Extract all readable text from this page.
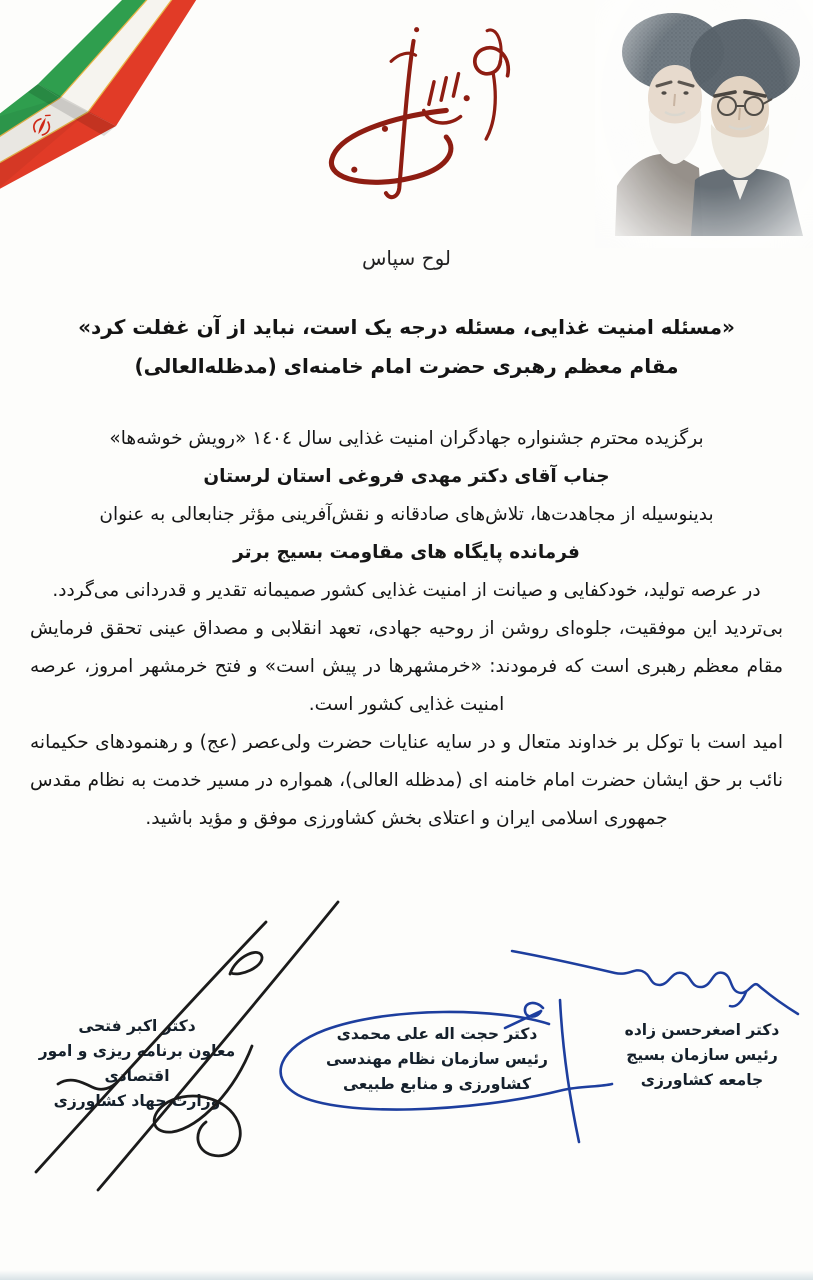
لوح سپاس
«مسئله امنیت غذایی، مسئله درجه یک است، نباید از آن غفلت کرد»
مقام معظم رهبری حضرت امام خامنه‌ای (مدظله‌العالی)
برگزیده محترم جشنواره جهادگران امنیت غذایی سال ١٤٠٤ «رویش خوشه‌ها»
جناب آقای دکتر مهدی فروغی استان لرستان
بدینوسیله از مجاهدت‌ها، تلاش‌های صادقانه و نقش‌آفرینی مؤثر جنابعالی به عنوان
فرمانده پایگاه های مقاومت بسیج برتر
در عرصه تولید، خودکفایی و صیانت از امنیت غذایی کشور صمیمانه تقدیر و قدردانی می‌گردد.

بی‌تردید این موفقیت، جلوه‌ای روشن از روحیه جهادی، تعهد انقلابی و مصداق عینی تحقق فرمایش مقام معظم رهبری است که فرمودند: «خرمشهرها در پیش است» و فتح خرمشهر امروز، عرصه امنیت غذایی کشور است.

امید است با توکل بر خداوند متعال و در سایه عنایات حضرت ولی‌عصر (عج) و رهنمودهای حکیمانه نائب بر حق ایشان حضرت امام خامنه ای (مدظله العالی)، همواره در مسیر خدمت به نظام مقدس جمهوری اسلامی ایران و اعتلای بخش کشاورزی موفق و مؤید باشید.

دکتر اصغرحسن زاده
رئیس سازمان بسیج
جامعه کشاورزی
دکتر حجت اله علی محمدی
رئیس سازمان نظام مهندسی
کشاورزی و منابع طبیعی
دکتر اکبر فتحی
معاون برنامه ریزی و امور اقتصادی
وزارت جهاد کشاورزی
